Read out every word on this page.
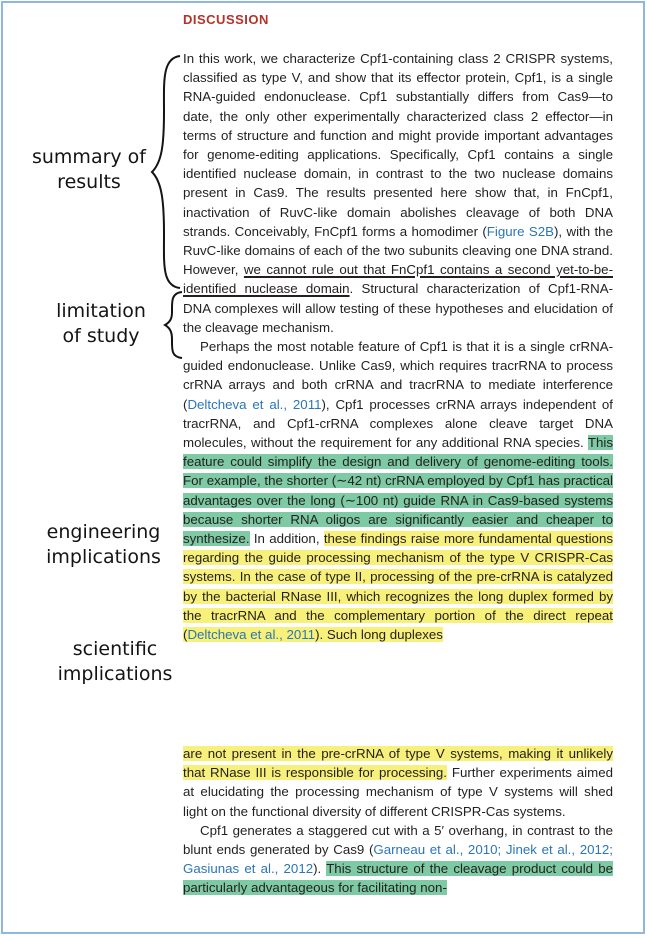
DISCUSSION

In this work, we characterize Cpf1-containing class 2 CRISPR systems, classified as type V, and show that its effector protein, Cpf1, is a single RNA-guided endonuclease. Cpf1 substantially differs from Cas9—to date, the only other experimentally characterized class 2 effector—in terms of structure and function and might provide important advantages for genome-editing applications. Specifically, Cpf1 contains a single identified nuclease domain, in contrast to the two nuclease domains present in Cas9. The results presented here show that, in FnCpf1, inactivation of RuvC-like domain abolishes cleavage of both DNA strands. Conceivably, FnCpf1 forms a homodimer (Figure S2B), with the RuvC-like domains of each of the two subunits cleaving one DNA strand. However, we cannot rule out that FnCpf1 contains a second yet-to-be-identified nuclease domain. Structural characterization of Cpf1-RNA-DNA complexes will allow testing of these hypotheses and elucidation of the cleavage mechanism.

Perhaps the most notable feature of Cpf1 is that it is a single crRNA-guided endonuclease. Unlike Cas9, which requires tracrRNA to process crRNA arrays and both crRNA and tracrRNA to mediate interference (Deltcheva et al., 2011), Cpf1 processes crRNA arrays independent of tracrRNA, and Cpf1-crRNA complexes alone cleave target DNA molecules, without the requirement for any additional RNA species. This feature could simplify the design and delivery of genome-editing tools. For example, the shorter (∼42 nt) crRNA employed by Cpf1 has practical advantages over the long (∼100 nt) guide RNA in Cas9-based systems because shorter RNA oligos are significantly easier and cheaper to synthesize. In addition, these findings raise more fundamental questions regarding the guide processing mechanism of the type V CRISPR-Cas systems. In the case of type II, processing of the pre-crRNA is catalyzed by the bacterial RNase III, which recognizes the long duplex formed by the tracrRNA and the complementary portion of the direct repeat (Deltcheva et al., 2011). Such long duplexes

are not present in the pre-crRNA of type V systems, making it unlikely that RNase III is responsible for processing. Further experiments aimed at elucidating the processing mechanism of type V systems will shed light on the functional diversity of different CRISPR-Cas systems.

Cpf1 generates a staggered cut with a 5′ overhang, in contrast to the blunt ends generated by Cas9 (Garneau et al., 2010; Jinek et al., 2012; Gasiunas et al., 2012). This structure of the cleavage product could be particularly advantageous for facilitating non-

summary of results
limitation of study
engineering implications
scientific implications
